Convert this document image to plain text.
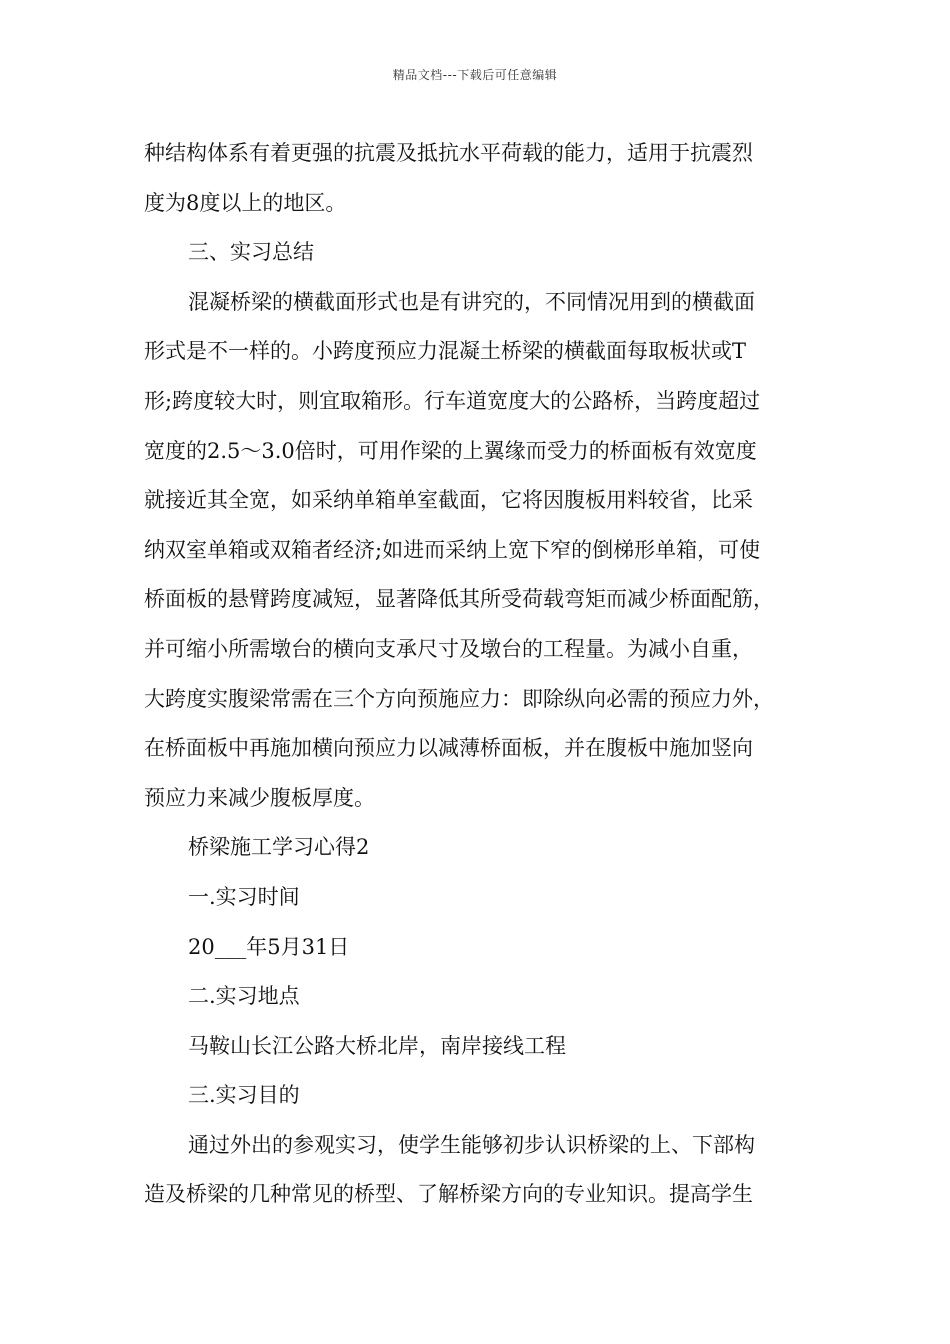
精品文档---下载后可任意编辑
种结构体系有着更强的抗震及抵抗水平荷载的能力，适用于抗震烈
度为8度以上的地区。
三、实习总结
混凝桥梁的横截面形式也是有讲究的，不同情况用到的横截面
形式是不一样的。小跨度预应力混凝土桥梁的横截面每取板状或T
形;跨度较大时，则宜取箱形。行车道宽度大的公路桥，当跨度超过
宽度的2.5～3.0倍时，可用作梁的上翼缘而受力的桥面板有效宽度
就接近其全宽，如采纳单箱单室截面，它将因腹板用料较省，比采
纳双室单箱或双箱者经济;如进而采纳上宽下窄的倒梯形单箱，可使
桥面板的悬臂跨度减短，显著降低其所受荷载弯矩而减少桥面配筋，
并可缩小所需墩台的横向支承尺寸及墩台的工程量。为减小自重，
大跨度实腹梁常需在三个方向预施应力：即除纵向必需的预应力外，
在桥面板中再施加横向预应力以减薄桥面板，并在腹板中施加竖向
预应力来减少腹板厚度。
桥梁施工学习心得2
一.实习时间
20___年5月31日
二.实习地点
马鞍山长江公路大桥北岸，南岸接线工程
三.实习目的
通过外出的参观实习，使学生能够初步认识桥梁的上、下部构
造及桥梁的几种常见的桥型、了解桥梁方向的专业知识。提高学生
